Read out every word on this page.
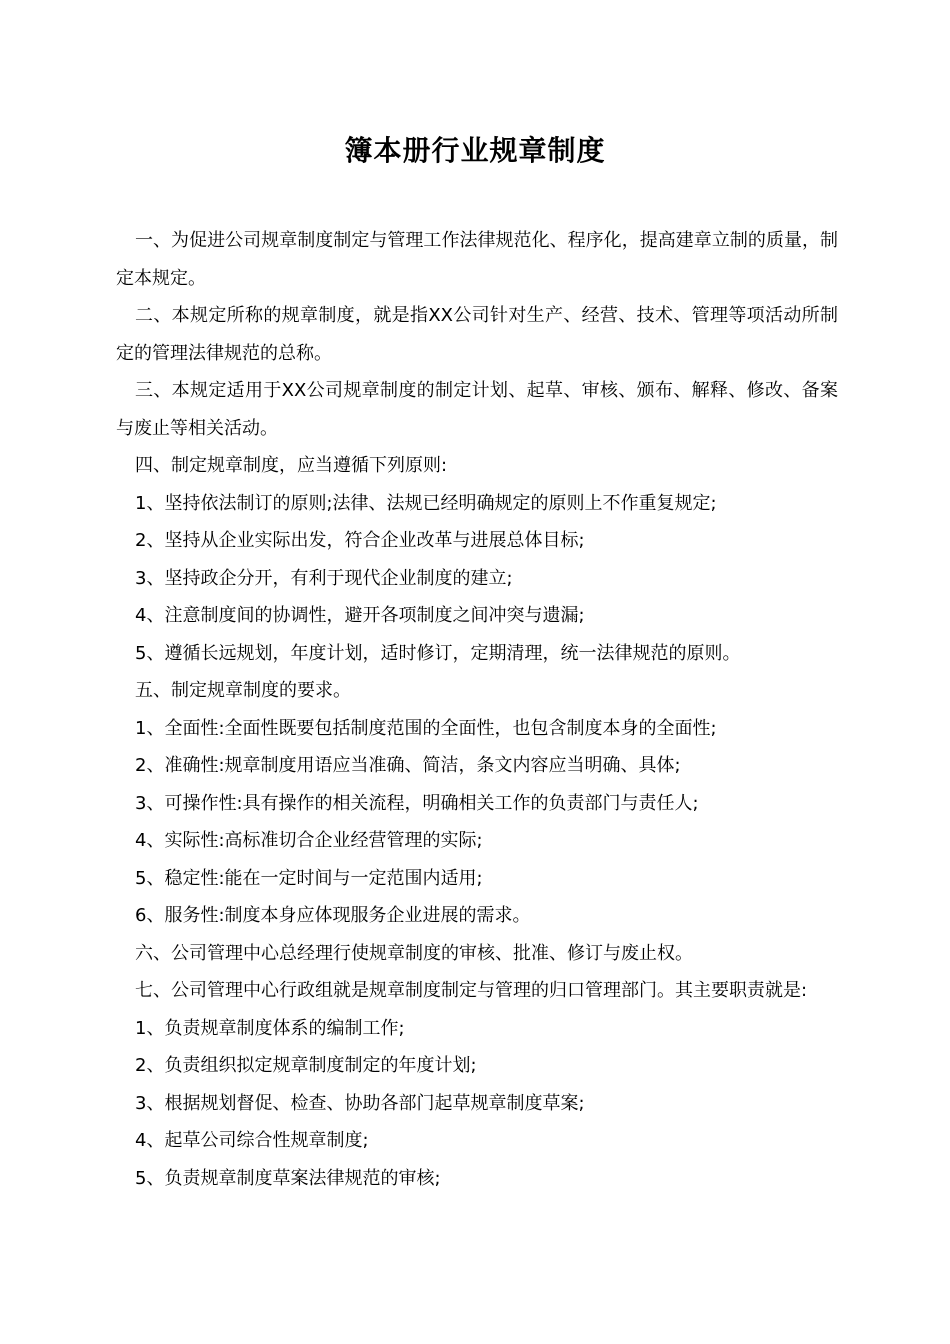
簿本册行业规章制度

一、为促进公司规章制度制定与管理工作法律规范化、程序化，提高建章立制的质量，制定本规定。

二、本规定所称的规章制度，就是指XX公司针对生产、经营、技术、管理等项活动所制定的管理法律规范的总称。

三、本规定适用于XX公司规章制度的制定计划、起草、审核、颁布、解释、修改、备案与废止等相关活动。

四、制定规章制度，应当遵循下列原则:

1、坚持依法制订的原则;法律、法规已经明确规定的原则上不作重复规定;

2、坚持从企业实际出发，符合企业改革与进展总体目标;

3、坚持政企分开，有利于现代企业制度的建立;

4、注意制度间的协调性，避开各项制度之间冲突与遗漏;

5、遵循长远规划，年度计划，适时修订，定期清理，统一法律规范的原则。

五、制定规章制度的要求。

1、全面性:全面性既要包括制度范围的全面性，也包含制度本身的全面性;

2、准确性:规章制度用语应当准确、简洁，条文内容应当明确、具体;

3、可操作性:具有操作的相关流程，明确相关工作的负责部门与责任人;

4、实际性:高标准切合企业经营管理的实际;

5、稳定性:能在一定时间与一定范围内适用;

6、服务性:制度本身应体现服务企业进展的需求。

六、公司管理中心总经理行使规章制度的审核、批准、修订与废止权。

七、公司管理中心行政组就是规章制度制定与管理的归口管理部门。其主要职责就是:

1、负责规章制度体系的编制工作;

2、负责组织拟定规章制度制定的年度计划;

3、根据规划督促、检查、协助各部门起草规章制度草案;

4、起草公司综合性规章制度;

5、负责规章制度草案法律规范的审核;
